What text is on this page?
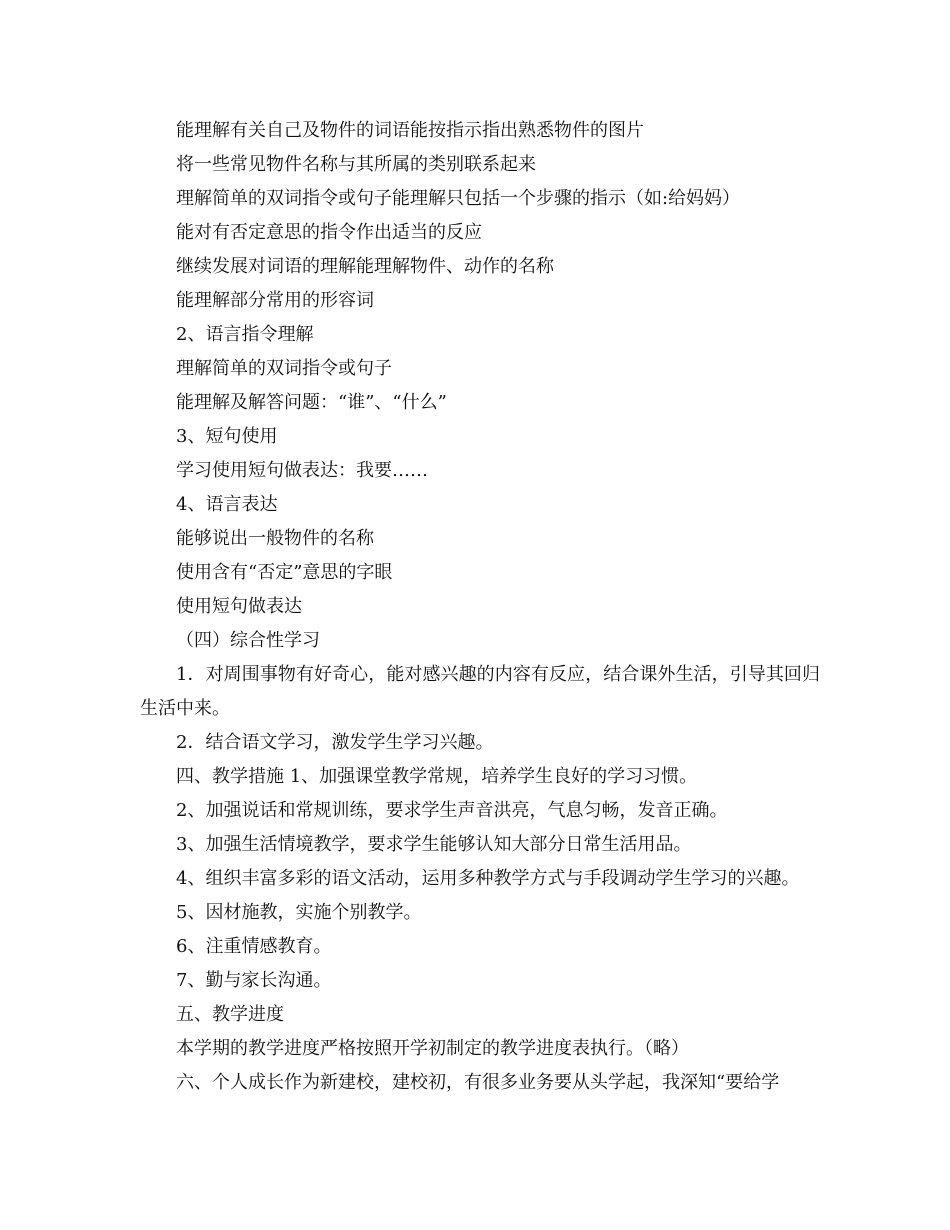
能理解有关自己及物件的词语能按指示指出熟悉物件的图片

将一些常见物件名称与其所属的类别联系起来

理解简单的双词指令或句子能理解只包括一个步骤的指示（如:给妈妈）

能对有否定意思的指令作出适当的反应

继续发展对词语的理解能理解物件、动作的名称

能理解部分常用的形容词

2、语言指令理解

理解简单的双词指令或句子

能理解及解答问题：“谁”、“什么”

3、短句使用

学习使用短句做表达：我要……

4、语言表达

能够说出一般物件的名称

使用含有“否定”意思的字眼

使用短句做表达

（四）综合性学习

1．对周围事物有好奇心，能对感兴趣的内容有反应，结合课外生活，引导其回归生活中来。

2．结合语文学习，激发学生学习兴趣。

四、教学措施 1、加强课堂教学常规，培养学生良好的学习习惯。

2、加强说话和常规训练，要求学生声音洪亮，气息匀畅，发音正确。

3、加强生活情境教学，要求学生能够认知大部分日常生活用品。

4、组织丰富多彩的语文活动，运用多种教学方式与手段调动学生学习的兴趣。

5、因材施教，实施个别教学。

6、注重情感教育。

7、勤与家长沟通。

五、教学进度

本学期的教学进度严格按照开学初制定的教学进度表执行。（略）

六、个人成长作为新建校，建校初，有很多业务要从头学起，我深知“要给学
